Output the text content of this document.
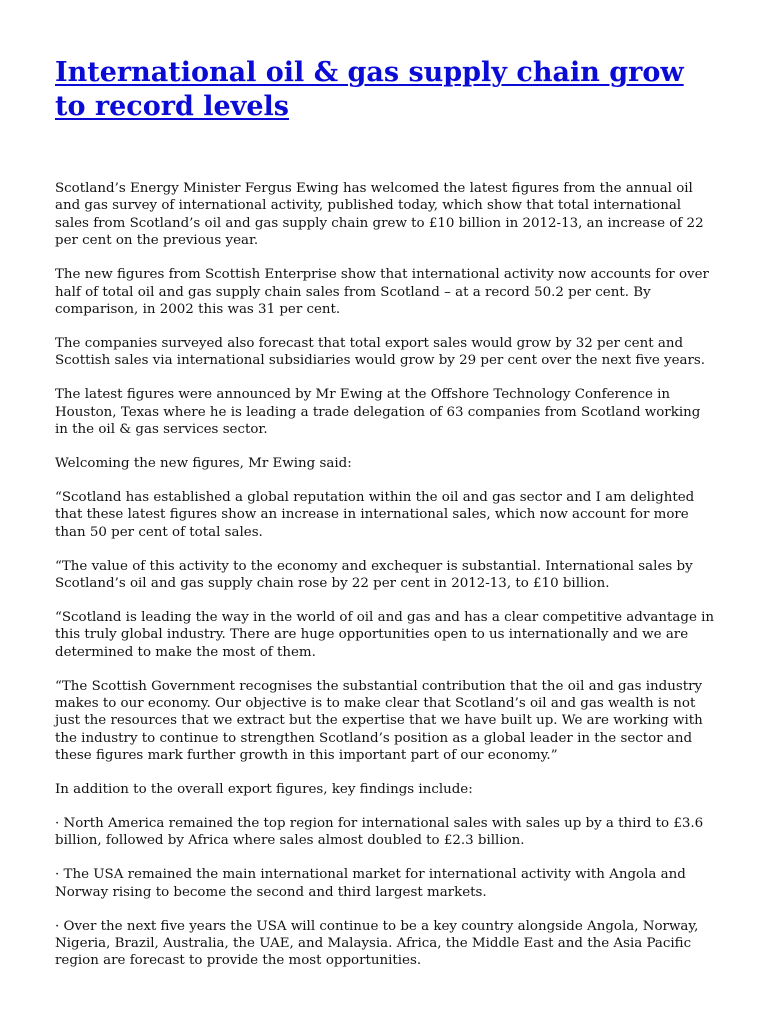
International oil & gas supply chain grow to record levels

Scotland’s Energy Minister Fergus Ewing has welcomed the latest figures from the annual oil and gas survey of international activity, published today, which show that total international sales from Scotland’s oil and gas supply chain grew to £10 billion in 2012-13, an increase of 22 per cent on the previous year.

The new figures from Scottish Enterprise show that international activity now accounts for over half of total oil and gas supply chain sales from Scotland – at a record 50.2 per cent. By comparison, in 2002 this was 31 per cent.

The companies surveyed also forecast that total export sales would grow by 32 per cent and Scottish sales via international subsidiaries would grow by 29 per cent over the next five years.

The latest figures were announced by Mr Ewing at the Offshore Technology Conference in Houston, Texas where he is leading a trade delegation of 63 companies from Scotland working in the oil & gas services sector.

Welcoming the new figures, Mr Ewing said:

“Scotland has established a global reputation within the oil and gas sector and I am delighted that these latest figures show an increase in international sales, which now account for more than 50 per cent of total sales.

“The value of this activity to the economy and exchequer is substantial. International sales by Scotland’s oil and gas supply chain rose by 22 per cent in 2012-13, to £10 billion.

“Scotland is leading the way in the world of oil and gas and has a clear competitive advantage in this truly global industry. There are huge opportunities open to us internationally and we are determined to make the most of them.

“The Scottish Government recognises the substantial contribution that the oil and gas industry makes to our economy. Our objective is to make clear that Scotland’s oil and gas wealth is not just the resources that we extract but the expertise that we have built up. We are working with the industry to continue to strengthen Scotland’s position as a global leader in the sector and these figures mark further growth in this important part of our economy.”

In addition to the overall export figures, key findings include:

· North America remained the top region for international sales with sales up by a third to £3.6 billion, followed by Africa where sales almost doubled to £2.3 billion.

· The USA remained the main international market for international activity with Angola and Norway rising to become the second and third largest markets.

· Over the next five years the USA will continue to be a key country alongside Angola, Norway, Nigeria, Brazil, Australia, the UAE, and Malaysia. Africa, the Middle East and the Asia Pacific region are forecast to provide the most opportunities.
